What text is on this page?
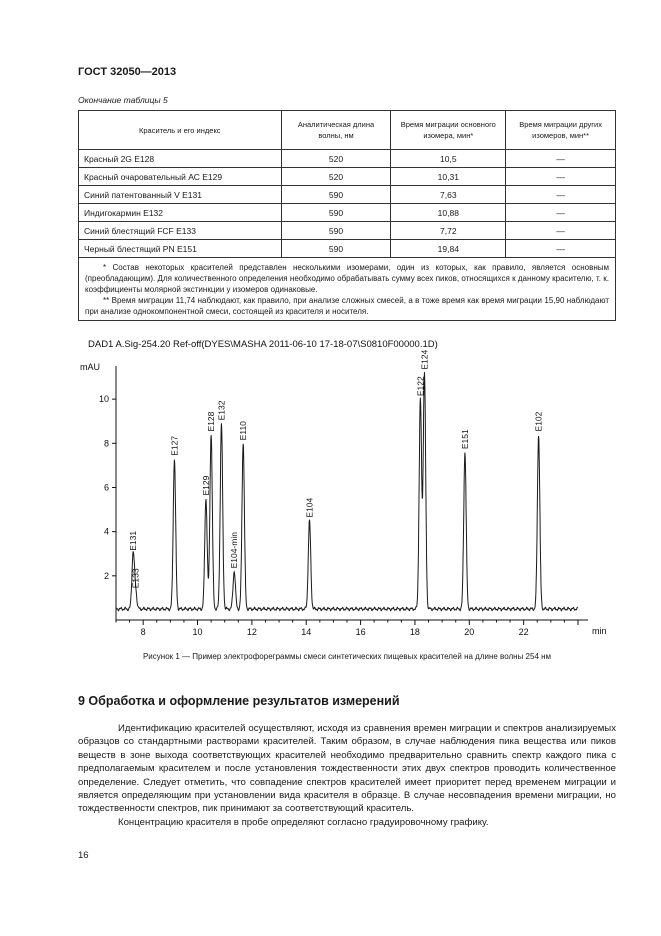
ГОСТ 32050—2013
Окончание таблицы 5
Краситель и его индекс	Аналитическая длина волны, нм	Время миграции основного изомера, мин*	Время миграции других изомеров, мин**
Красный 2G Е128	520	10,5	—
Красный очаровательный АС Е129	520	10,31	—
Синий патентованный V Е131	590	7,63	—
Индигокармин Е132	590	10,88	—
Синий блестящий FCF Е133	590	7,72	—
Черный блестящий PN Е151	590	19,84	—

* Состав некоторых красителей представлен несколькими изомерами, один из которых, как правило, является основным (преобладающим). Для количественного определения необходимо обрабатывать сумму всех пиков, относящихся к данному красителю, т. к. коэффициенты молярной экстинкции у изомеров одинаковые.
** Время миграции 11,74 наблюдают, как правило, при анализе сложных смесей, а в тоже время как время миграции 15,90 наблюдают при анализе однокомпонентной смеси, состоящей из красителя и носителя.			
DAD1 A.Sig-254.20 Ref-off(DYES\MASHA 2011-06-10 17-18-07\S0810F00000.1D)
mAU
min
2
4
6
8
10
8	10	12	14	16	18	20	22
E131
E133
E127
E129
E128
E132
E104-min
E110
E104
E122
E124
E151
E102
Рисунок 1 — Пример электрофореграммы смеси синтетических пищевых красителей на длине волны 254 нм
9 Обработка и оформление результатов измерений

Идентификацию красителей осуществляют, исходя из сравнения времен миграции и спектров анализируемых образцов со стандартными растворами красителей. Таким образом, в случае наблюдения пика вещества или пиков веществ в зоне выхода соответствующих красителей необходимо предварительно сравнить спектр каждого пика с предполагаемым красителем и после установления тождественности этих двух спектров проводить количественное определение. Следует отметить, что совпадение спектров красителей имеет приоритет перед временем миграции и является определяющим при установлении вида красителя в образце. В случае несовпадения времени миграции, но тождественности спектров, пик принимают за соответствующий краситель.

Концентрацию красителя в пробе определяют согласно градуировочному графику.

16
